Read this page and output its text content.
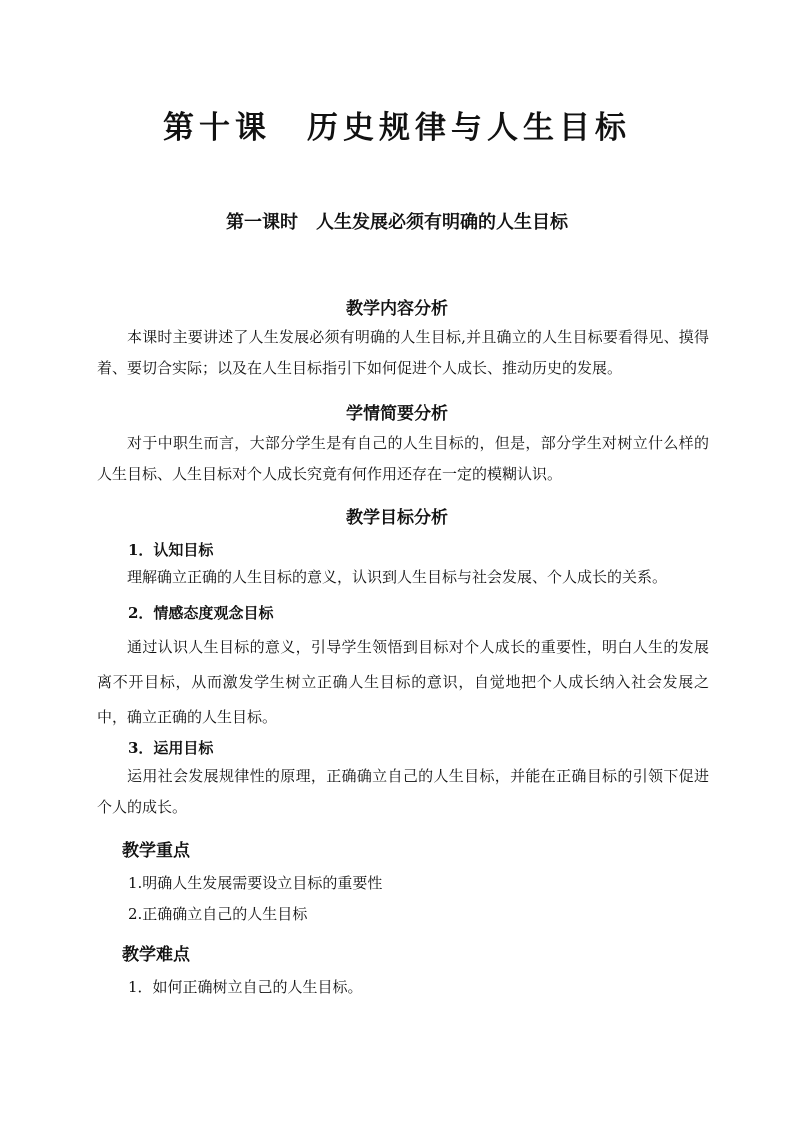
第十课　历史规律与人生目标
第一课时　人生发展必须有明确的人生目标
教学内容分析
本课时主要讲述了人生发展必须有明确的人生目标,并且确立的人生目标要看得见、摸得着、要切合实际；以及在人生目标指引下如何促进个人成长、推动历史的发展。
学情简要分析
对于中职生而言，大部分学生是有自己的人生目标的，但是，部分学生对树立什么样的人生目标、人生目标对个人成长究竟有何作用还存在一定的模糊认识。
教学目标分析
1．认知目标
理解确立正确的人生目标的意义，认识到人生目标与社会发展、个人成长的关系。
2．情感态度观念目标
通过认识人生目标的意义，引导学生领悟到目标对个人成长的重要性，明白人生的发展离不开目标，从而激发学生树立正确人生目标的意识，自觉地把个人成长纳入社会发展之中，确立正确的人生目标。
3．运用目标
运用社会发展规律性的原理，正确确立自己的人生目标，并能在正确目标的引领下促进个人的成长。
教学重点
1.明确人生发展需要设立目标的重要性
2.正确确立自己的人生目标
教学难点
1．如何正确树立自己的人生目标。
